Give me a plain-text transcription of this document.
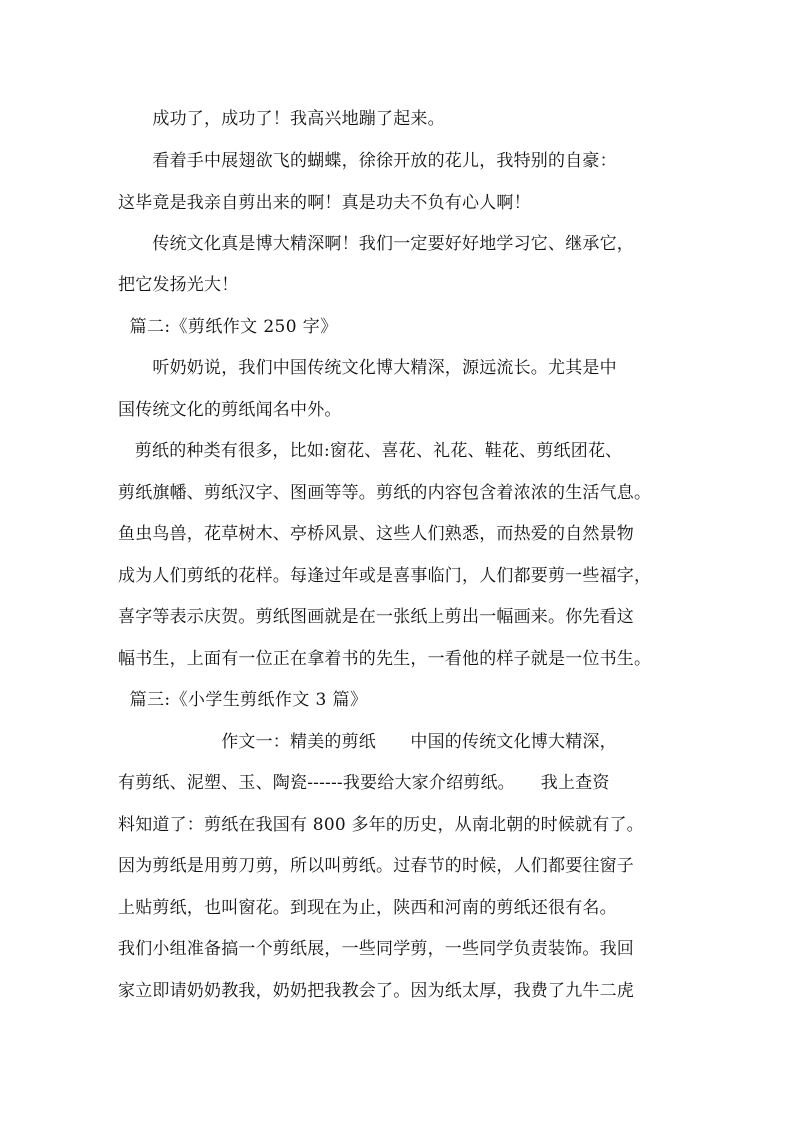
　　成功了，成功了！我高兴地蹦了起来。
　　看着手中展翅欲飞的蝴蝶，徐徐开放的花儿，我特别的自豪：
这毕竟是我亲自剪出来的啊！真是功夫不负有心人啊！
　　传统文化真是博大精深啊！我们一定要好好地学习它、继承它，
把它发扬光大！
篇二:《剪纸作文 250 字》
　　听奶奶说，我们中国传统文化博大精深，源远流长。尤其是中
国传统文化的剪纸闻名中外。
剪纸的种类有很多，比如:窗花、喜花、礼花、鞋花、剪纸团花、
剪纸旗幡、剪纸汉字、图画等等。剪纸的内容包含着浓浓的生活气息。
鱼虫鸟兽，花草树木、亭桥风景、这些人们熟悉，而热爱的自然景物
成为人们剪纸的花样。每逢过年或是喜事临门，人们都要剪一些福字，
喜字等表示庆贺。剪纸图画就是在一张纸上剪出一幅画来。你先看这
幅书生，上面有一位正在拿着书的先生，一看他的样子就是一位书生。
篇三:《小学生剪纸作文 3 篇》
　　　　　　作文一：精美的剪纸　　中国的传统文化博大精深，
有剪纸、泥塑、玉、陶瓷------我要给大家介绍剪纸。　　我上查资
料知道了：剪纸在我国有 800 多年的历史，从南北朝的时候就有了。
因为剪纸是用剪刀剪，所以叫剪纸。过春节的时候，人们都要往窗子
上贴剪纸，也叫窗花。到现在为止，陕西和河南的剪纸还很有名。
我们小组准备搞一个剪纸展，一些同学剪，一些同学负责装饰。我回
家立即请奶奶教我，奶奶把我教会了。因为纸太厚，我费了九牛二虎
